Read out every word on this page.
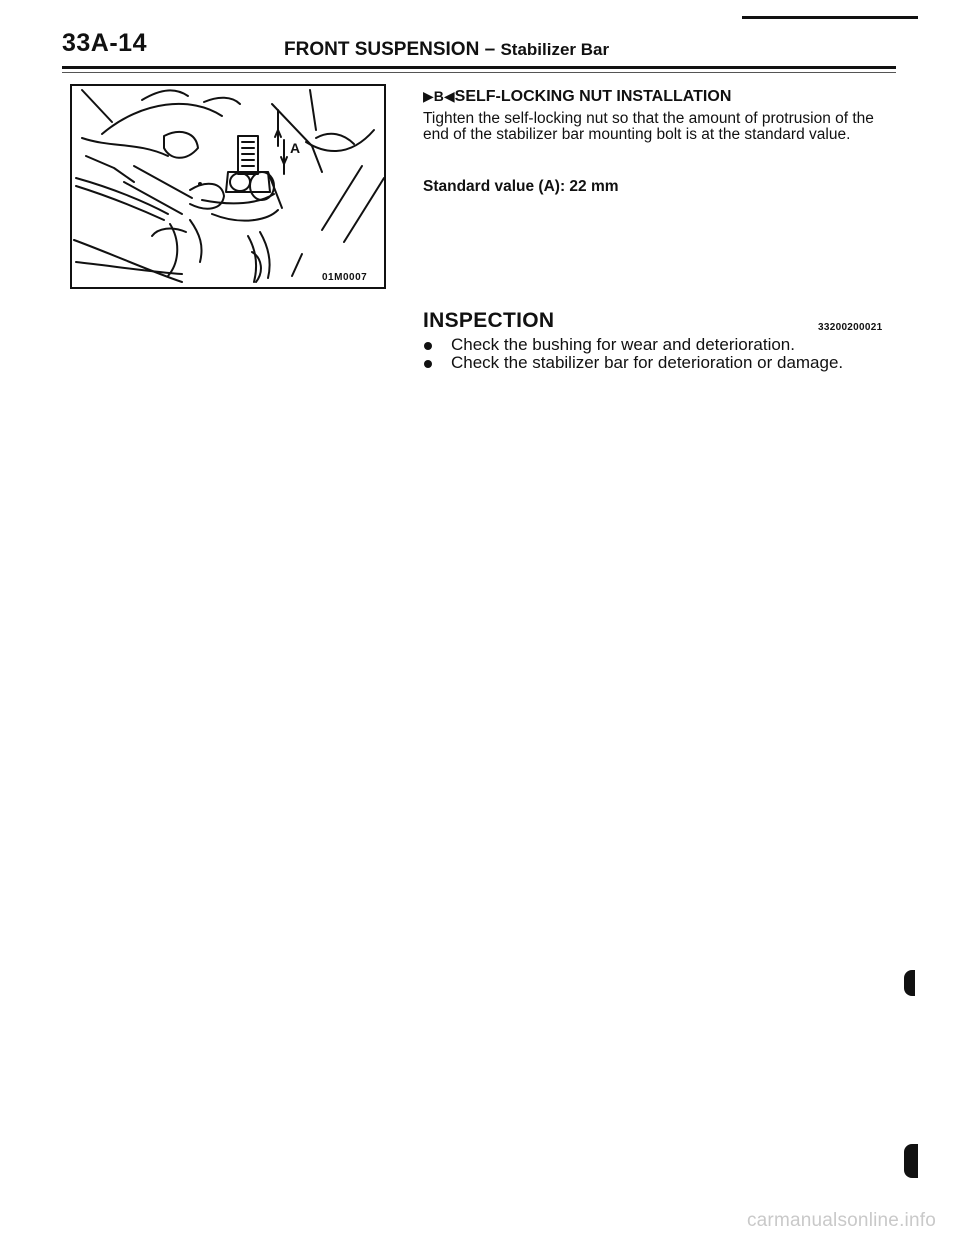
33A-14	FRONT SUSPENSION – Stabilizer Bar
A
01M0007
▶B◀SELF-LOCKING NUT INSTALLATION

Tighten the self-locking nut so that the amount of protrusion of the end of the stabilizer bar mounting bolt is at the standard value.

Standard value (A): 22 mm
INSPECTION	33200200021
Check the bushing for wear and deterioration.
Check the stabilizer bar for deterioration or damage.
carmanualsonline.info
